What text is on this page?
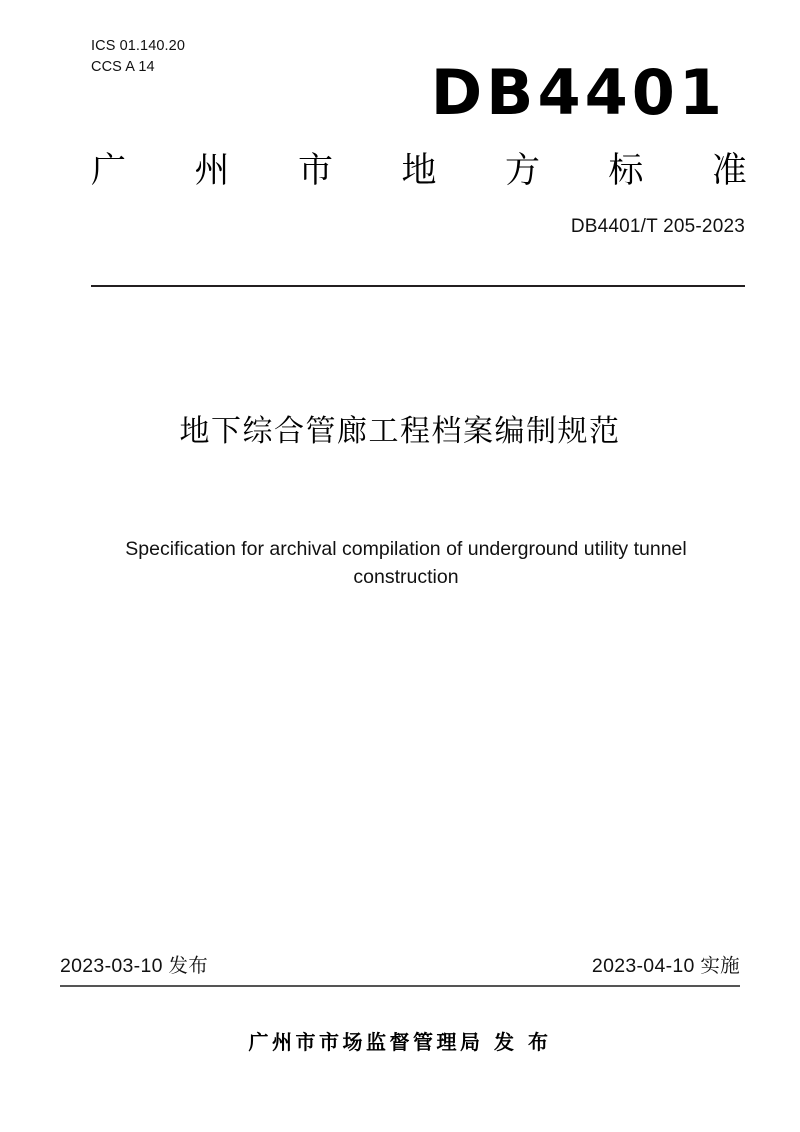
ICS 01.140.20
CCS A 14	DB4401
广 州 市 地 方 标 准
DB4401/T 205-2023
地下综合管廊工程档案编制规范
Specification for archival compilation of underground utility tunnel construction
2023-03-10 发布	2023-04-10 实施
广州市市场监督管理局 发 布
